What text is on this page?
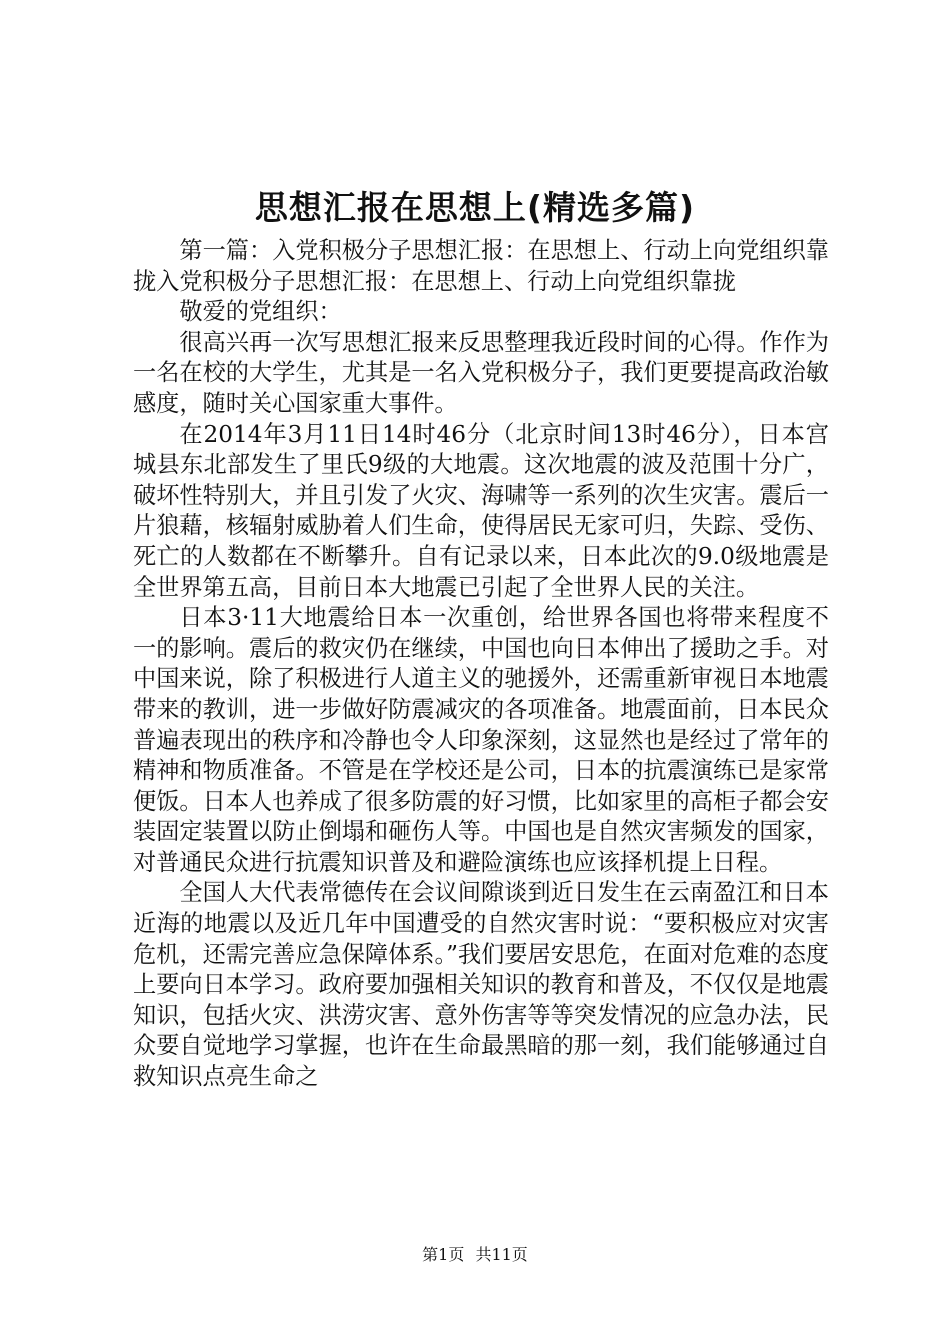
思想汇报在思想上(精选多篇)

第一篇：入党积极分子思想汇报：在思想上、行动上向党组织靠拢入党积极分子思想汇报：在思想上、行动上向党组织靠拢

敬爱的党组织：

很高兴再一次写思想汇报来反思整理我近段时间的心得。作作为一名在校的大学生，尤其是一名入党积极分子，我们更要提高政治敏感度，随时关心国家重大事件。

在2014年3月11日14时46分（北京时间13时46分），日本宫城县东北部发生了里氏9级的大地震。这次地震的波及范围十分广，破坏性特别大，并且引发了火灾、海啸等一系列的次生灾害。震后一片狼藉，核辐射威胁着人们生命，使得居民无家可归，失踪、受伤、死亡的人数都在不断攀升。自有记录以来，日本此次的9.0级地震是全世界第五高，目前日本大地震已引起了全世界人民的关注。

日本3·11大地震给日本一次重创，给世界各国也将带来程度不一的影响。震后的救灾仍在继续，中国也向日本伸出了援助之手。对中国来说，除了积极进行人道主义的驰援外，还需重新审视日本地震带来的教训，进一步做好防震减灾的各项准备。地震面前，日本民众普遍表现出的秩序和冷静也令人印象深刻，这显然也是经过了常年的精神和物质准备。不管是在学校还是公司，日本的抗震演练已是家常便饭。日本人也养成了很多防震的好习惯，比如家里的高柜子都会安装固定装置以防止倒塌和砸伤人等。中国也是自然灾害频发的国家，对普通民众进行抗震知识普及和避险演练也应该择机提上日程。

全国人大代表常德传在会议间隙谈到近日发生在云南盈江和日本近海的地震以及近几年中国遭受的自然灾害时说：“要积极应对灾害危机，还需完善应急保障体系。”我们要居安思危，在面对危难的态度上要向日本学习。政府要加强相关知识的教育和普及，不仅仅是地震知识，包括火灾、洪涝灾害、意外伤害等等突发情况的应急办法，民众要自觉地学习掌握，也许在生命最黑暗的那一刻，我们能够通过自救知识点亮生命之

第1页 共11页
